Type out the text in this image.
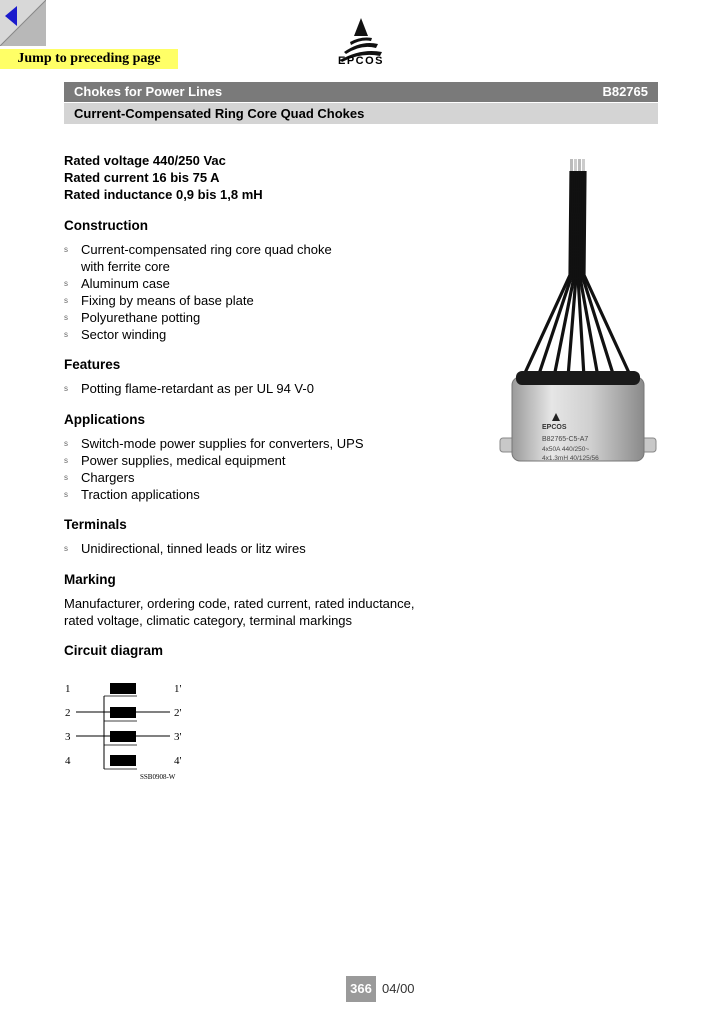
Jump to preceding page	EPCOS
Chokes for Power Lines	B82765
Current-Compensated Ring Core Quad Chokes
Rated voltage 440/250 Vac
Rated current 16 bis 75 A
Rated inductance 0,9 bis 1,8 mH
Construction
s Current-compensated ring core quad choke
with ferrite core
s Aluminum case
s Fixing by means of base plate
s Polyurethane potting
s Sector winding
Features
s Potting flame-retardant as per UL 94 V-0
Applications
s Switch-mode power supplies for converters, UPS
s Power supplies, medical equipment
s Chargers
s Traction applications
Terminals
s Unidirectional, tinned leads or litz wires
Marking
Manufacturer, ordering code, rated current, rated inductance,
rated voltage, climatic category, terminal markings
Circuit diagram
1
2
3
4
1'
2'
3'
4'
SSB0908-W
EPCOS
B82765-C5-A7
4x50A 440/250~
4x1.3mH 40/125/56
366 04/00
